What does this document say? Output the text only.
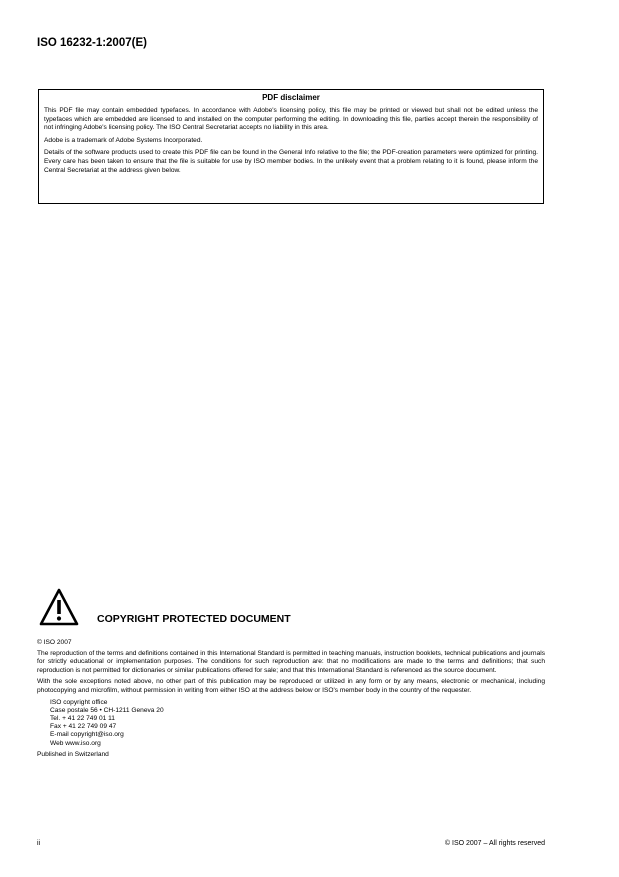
ISO 16232-1:2007(E)
PDF disclaimer

This PDF file may contain embedded typefaces. In accordance with Adobe's licensing policy, this file may be printed or viewed but shall not be edited unless the typefaces which are embedded are licensed to and installed on the computer performing the editing. In downloading this file, parties accept therein the responsibility of not infringing Adobe's licensing policy. The ISO Central Secretariat accepts no liability in this area.

Adobe is a trademark of Adobe Systems Incorporated.

Details of the software products used to create this PDF file can be found in the General Info relative to the file; the PDF-creation parameters were optimized for printing. Every care has been taken to ensure that the file is suitable for use by ISO member bodies. In the unlikely event that a problem relating to it is found, please inform the Central Secretariat at the address given below.

COPYRIGHT PROTECTED DOCUMENT

© ISO 2007

The reproduction of the terms and definitions contained in this International Standard is permitted in teaching manuals, instruction booklets, technical publications and journals for strictly educational or implementation purposes. The conditions for such reproduction are: that no modifications are made to the terms and definitions; that such reproduction is not permitted for dictionaries or similar publications offered for sale; and that this International Standard is referenced as the source document.

With the sole exceptions noted above, no other part of this publication may be reproduced or utilized in any form or by any means, electronic or mechanical, including photocopying and microfilm, without permission in writing from either ISO at the address below or ISO's member body in the country of the requester.

ISO copyright office
Case postale 56 • CH-1211 Geneva 20
Tel. + 41 22 749 01 11
Fax + 41 22 749 09 47
E-mail copyright@iso.org
Web www.iso.org
Published in Switzerland
ii	© ISO 2007 – All rights reserved
